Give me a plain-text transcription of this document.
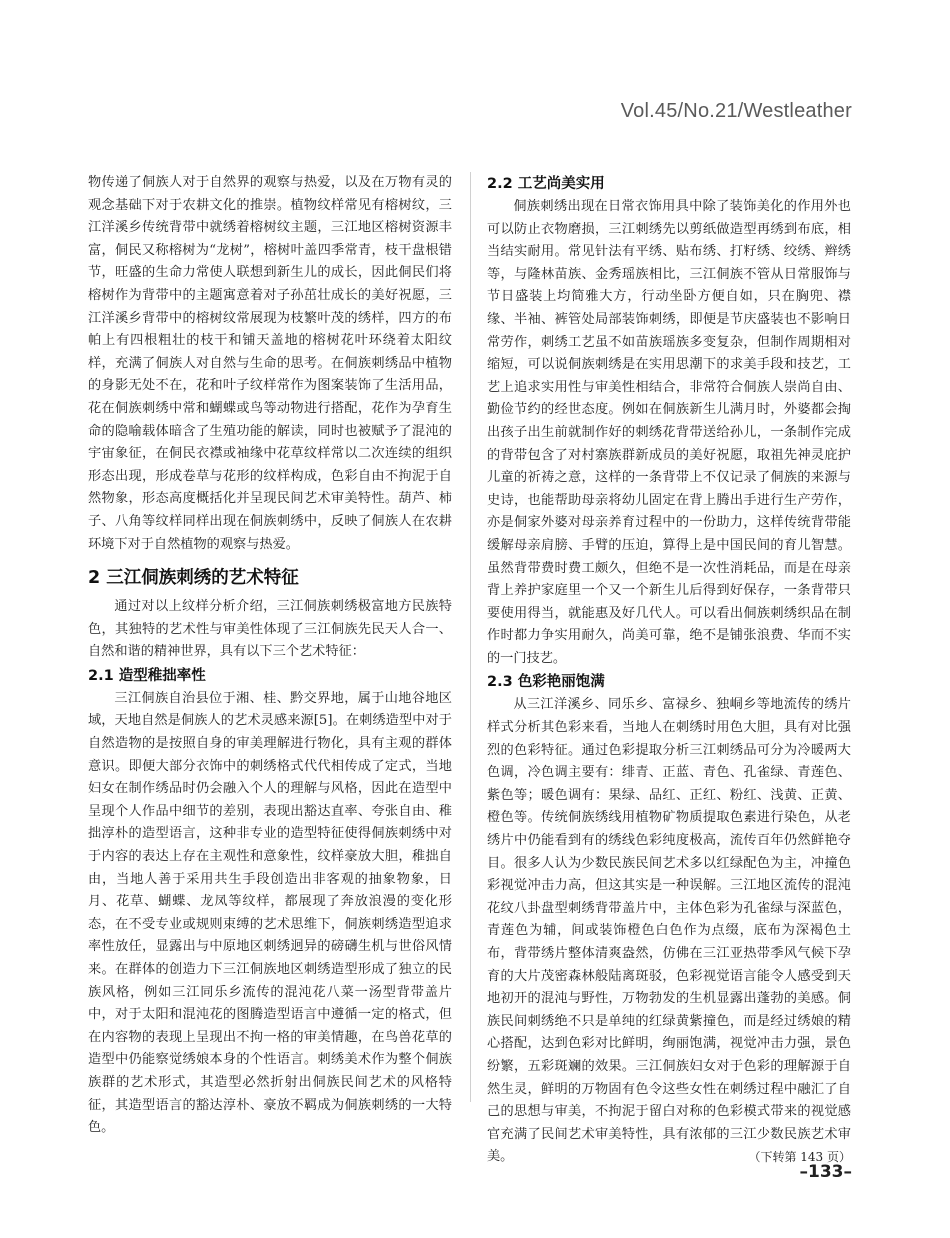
Vol.45/No.21/Westleather

物传递了侗族人对于自然界的观察与热爱，以及在万物有灵的观念基础下对于农耕文化的推崇。植物纹样常见有榕树纹，三江洋溪乡传统背带中就绣着榕树纹主题，三江地区榕树资源丰富，侗民又称榕树为“龙树”，榕树叶盖四季常青，枝干盘根错节，旺盛的生命力常使人联想到新生儿的成长，因此侗民们将榕树作为背带中的主题寓意着对子孙茁壮成长的美好祝愿，三江洋溪乡背带中的榕树纹常展现为枝繁叶茂的绣样，四方的布帕上有四根粗壮的枝干和铺天盖地的榕树花叶环绕着太阳纹样，充满了侗族人对自然与生命的思考。在侗族刺绣品中植物的身影无处不在，花和叶子纹样常作为图案装饰了生活用品，花在侗族刺绣中常和蝴蝶或鸟等动物进行搭配，花作为孕育生命的隐喻载体暗含了生殖功能的解读，同时也被赋予了混沌的宇宙象征，在侗民衣襟或袖缘中花草纹样常以二次连续的组织形态出现，形成卷草与花形的纹样构成，色彩自由不拘泥于自然物象，形态高度概括化并呈现民间艺术审美特性。葫芦、柿子、八角等纹样同样出现在侗族刺绣中，反映了侗族人在农耕环境下对于自然植物的观察与热爱。

2 三江侗族刺绣的艺术特征

通过对以上纹样分析介绍，三江侗族刺绣极富地方民族特色，其独特的艺术性与审美性体现了三江侗族先民天人合一、自然和谐的精神世界，具有以下三个艺术特征：

2.1 造型稚拙率性

三江侗族自治县位于湘、桂、黔交界地，属于山地谷地区域，天地自然是侗族人的艺术灵感来源[5]。在刺绣造型中对于自然造物的是按照自身的审美理解进行物化，具有主观的群体意识。即便大部分衣饰中的刺绣格式代代相传成了定式，当地妇女在制作绣品时仍会融入个人的理解与风格，因此在造型中呈现个人作品中细节的差别，表现出豁达直率、夸张自由、稚拙淳朴的造型语言，这种非专业的造型特征使得侗族刺绣中对于内容的表达上存在主观性和意象性，纹样豪放大胆，稚拙自由，当地人善于采用共生手段创造出非客观的抽象物象，日月、花草、蝴蝶、龙凤等纹样，都展现了奔放浪漫的变化形态，在不受专业或规则束缚的艺术思维下，侗族刺绣造型追求率性放任，显露出与中原地区刺绣迥异的磅礴生机与世俗风情来。在群体的创造力下三江侗族地区刺绣造型形成了独立的民族风格，例如三江同乐乡流传的混沌花八菜一汤型背带盖片中，对于太阳和混沌花的图腾造型语言中遵循一定的格式，但在内容物的表现上呈现出不拘一格的审美情趣，在鸟兽花草的造型中仍能察觉绣娘本身的个性语言。刺绣美术作为整个侗族族群的艺术形式，其造型必然折射出侗族民间艺术的风格特征，其造型语言的豁达淳朴、豪放不羁成为侗族刺绣的一大特色。

2.2 工艺尚美实用

侗族刺绣出现在日常衣饰用具中除了装饰美化的作用外也可以防止衣物磨损，三江刺绣先以剪纸做造型再绣到布底，相当结实耐用。常见针法有平绣、贴布绣、打籽绣、绞绣、辫绣等，与隆林苗族、金秀瑶族相比，三江侗族不管从日常服饰与节日盛装上均简雅大方，行动坐卧方便自如，只在胸兜、襟缘、半袖、裤管处局部装饰刺绣，即便是节庆盛装也不影响日常劳作，刺绣工艺虽不如苗族瑶族多变复杂，但制作周期相对缩短，可以说侗族刺绣是在实用思潮下的求美手段和技艺，工艺上追求实用性与审美性相结合，非常符合侗族人崇尚自由、勤俭节约的经世态度。例如在侗族新生儿满月时，外婆都会掏出孩子出生前就制作好的刺绣花背带送给孙儿，一条制作完成的背带包含了对村寨族群新成员的美好祝愿，取祖先神灵庇护儿童的祈祷之意，这样的一条背带上不仅记录了侗族的来源与史诗，也能帮助母亲将幼儿固定在背上腾出手进行生产劳作，亦是侗家外婆对母亲养育过程中的一份助力，这样传统背带能缓解母亲肩膀、手臂的压迫，算得上是中国民间的育儿智慧。虽然背带费时费工颇久，但绝不是一次性消耗品，而是在母亲背上养护家庭里一个又一个新生儿后得到好保存，一条背带只要使用得当，就能惠及好几代人。可以看出侗族刺绣织品在制作时都力争实用耐久，尚美可靠，绝不是铺张浪费、华而不实的一门技艺。

2.3 色彩艳丽饱满

从三江洋溪乡、同乐乡、富禄乡、独峒乡等地流传的绣片样式分析其色彩来看，当地人在刺绣时用色大胆，具有对比强烈的色彩特征。通过色彩提取分析三江刺绣品可分为冷暖两大色调，冷色调主要有：绯青、正蓝、青色、孔雀绿、青莲色、紫色等；暖色调有：果绿、品红、正红、粉红、浅黄、正黄、橙色等。传统侗族绣线用植物矿物质提取色素进行染色，从老绣片中仍能看到有的绣线色彩纯度极高，流传百年仍然鲜艳夺目。很多人认为少数民族民间艺术多以红绿配色为主，冲撞色彩视觉冲击力高，但这其实是一种误解。三江地区流传的混沌花纹八卦盘型刺绣背带盖片中，主体色彩为孔雀绿与深蓝色，青莲色为辅，间或装饰橙色白色作为点缀，底布为深褐色土布，背带绣片整体清爽盎然，仿佛在三江亚热带季风气候下孕育的大片茂密森林般陆离斑驳，色彩视觉语言能令人感受到天地初开的混沌与野性，万物勃发的生机显露出蓬勃的美感。侗族民间刺绣绝不只是单纯的红绿黄紫撞色，而是经过绣娘的精心搭配，达到色彩对比鲜明，绚丽饱满，视觉冲击力强，景色纷繁，五彩斑斓的效果。三江侗族妇女对于色彩的理解源于自然生灵，鲜明的万物固有色令这些女性在刺绣过程中融汇了自己的思想与审美，不拘泥于留白对称的色彩模式带来的视觉感官充满了民间艺术审美特性，具有浓郁的三江少数民族艺术审美。	（下转第 143 页）

–133–
